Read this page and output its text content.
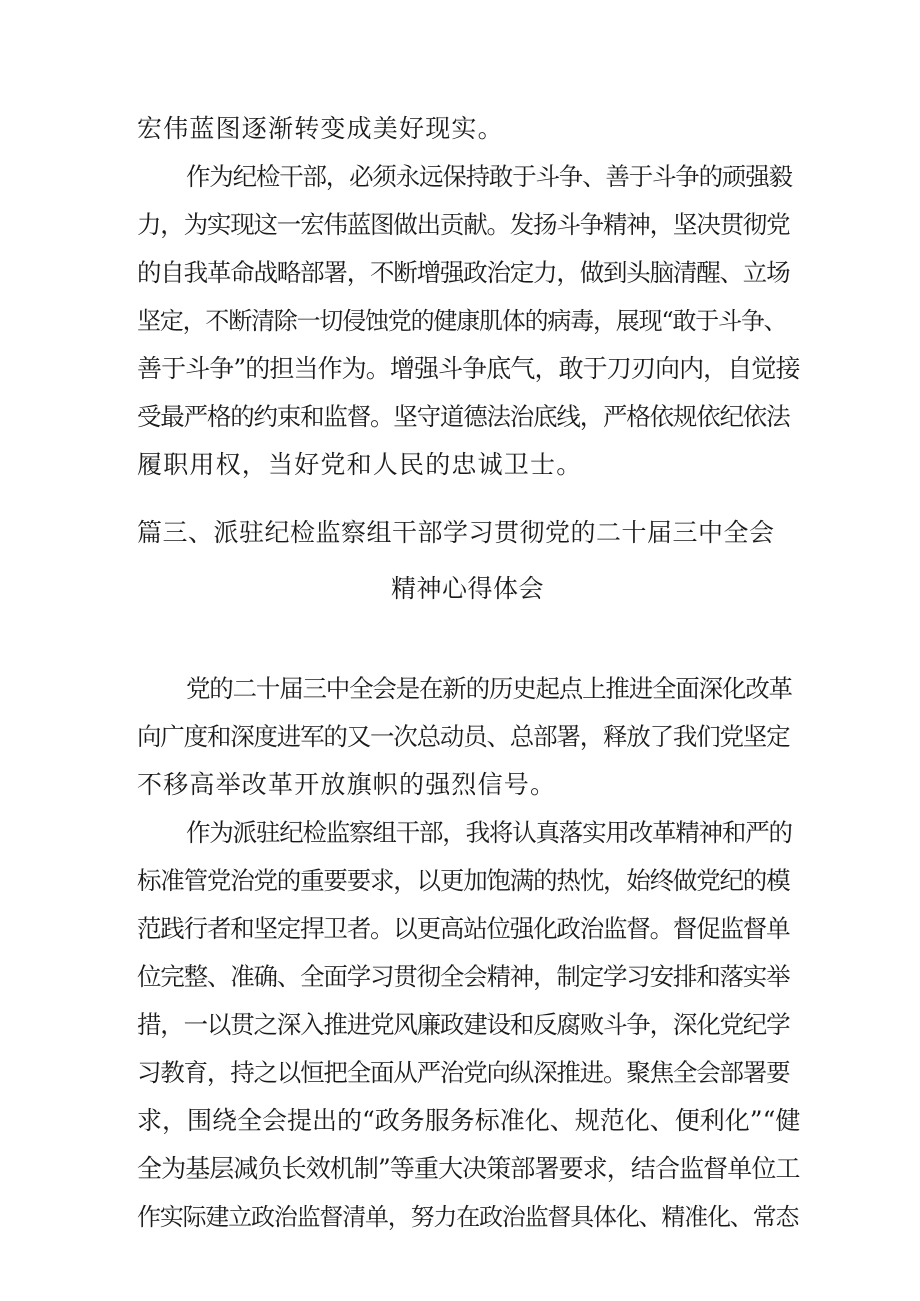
宏伟蓝图逐渐转变成美好现实。
作为纪检干部，必须永远保持敢于斗争、善于斗争的顽强毅
力，为实现这一宏伟蓝图做出贡献。发扬斗争精神，坚决贯彻党
的自我革命战略部署，不断增强政治定力，做到头脑清醒、立场
坚定，不断清除一切侵蚀党的健康肌体的病毒，展现“敢于斗争、
善于斗争”的担当作为。增强斗争底气，敢于刀刃向内，自觉接
受最严格的约束和监督。坚守道德法治底线，严格依规依纪依法
履职用权，当好党和人民的忠诚卫士。
篇三、派驻纪检监察组干部学习贯彻党的二十届三中全会
精神心得体会
党的二十届三中全会是在新的历史起点上推进全面深化改革
向广度和深度进军的又一次总动员、总部署，释放了我们党坚定
不移高举改革开放旗帜的强烈信号。
作为派驻纪检监察组干部，我将认真落实用改革精神和严的
标准管党治党的重要要求，以更加饱满的热忱，始终做党纪的模
范践行者和坚定捍卫者。以更高站位强化政治监督。督促监督单
位完整、准确、全面学习贯彻全会精神，制定学习安排和落实举
措，一以贯之深入推进党风廉政建设和反腐败斗争，深化党纪学
习教育，持之以恒把全面从严治党向纵深推进。聚焦全会部署要
求，围绕全会提出的“政务服务标准化、规范化、便利化”“健
全为基层减负长效机制”等重大决策部署要求，结合监督单位工
作实际建立政治监督清单，努力在政治监督具体化、精准化、常态
